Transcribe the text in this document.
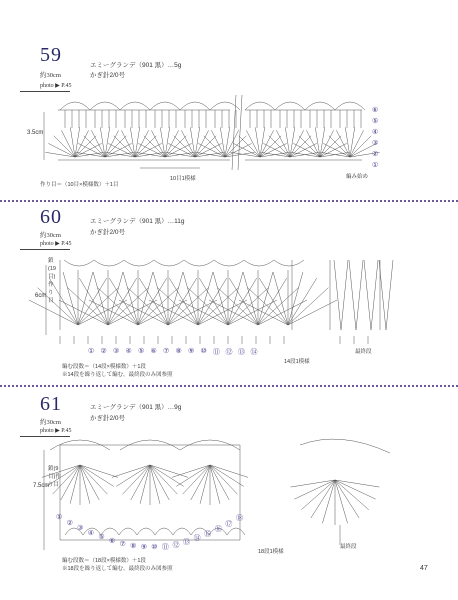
59
約30cm
photo ▶ P.45
エミーグランデ（901 黒）…5g
かぎ針2/0号
3.5cm
作り目＝（10目×模様数）＋1目
10目1模様	編み始め
⑥
⑤
④
③
②
①
60
約30cm
photo ▶ P.45
エミーグランデ（901 黒）…11g
かぎ針2/0号
6cm
鎖(19目)作り目
最終段
14段1模様
編む段数＝（14段×模様数）＋1段
※14段を繰り返して編む。最終段のみ図参照
① ② ③ ④ ⑤ ⑥ ⑦ ⑧ ⑨ ⑩ ⑪ ⑫ ⑬ ⑭
61
約30cm
photo ▶ P.45
エミーグランデ（901 黒）…9g
かぎ針2/0号
7.5cm
鎖(9目)作り目
最終段
18段1模様
編む段数＝（18段×模様数）＋1段
※18段を繰り返して編む。最終段のみ図参照
①
②
③
④
⑤
⑥ ⑦ ⑧ ⑨ ⑩ ⑪ ⑫ ⑬
⑭
⑮
⑯
⑰
⑱
47
